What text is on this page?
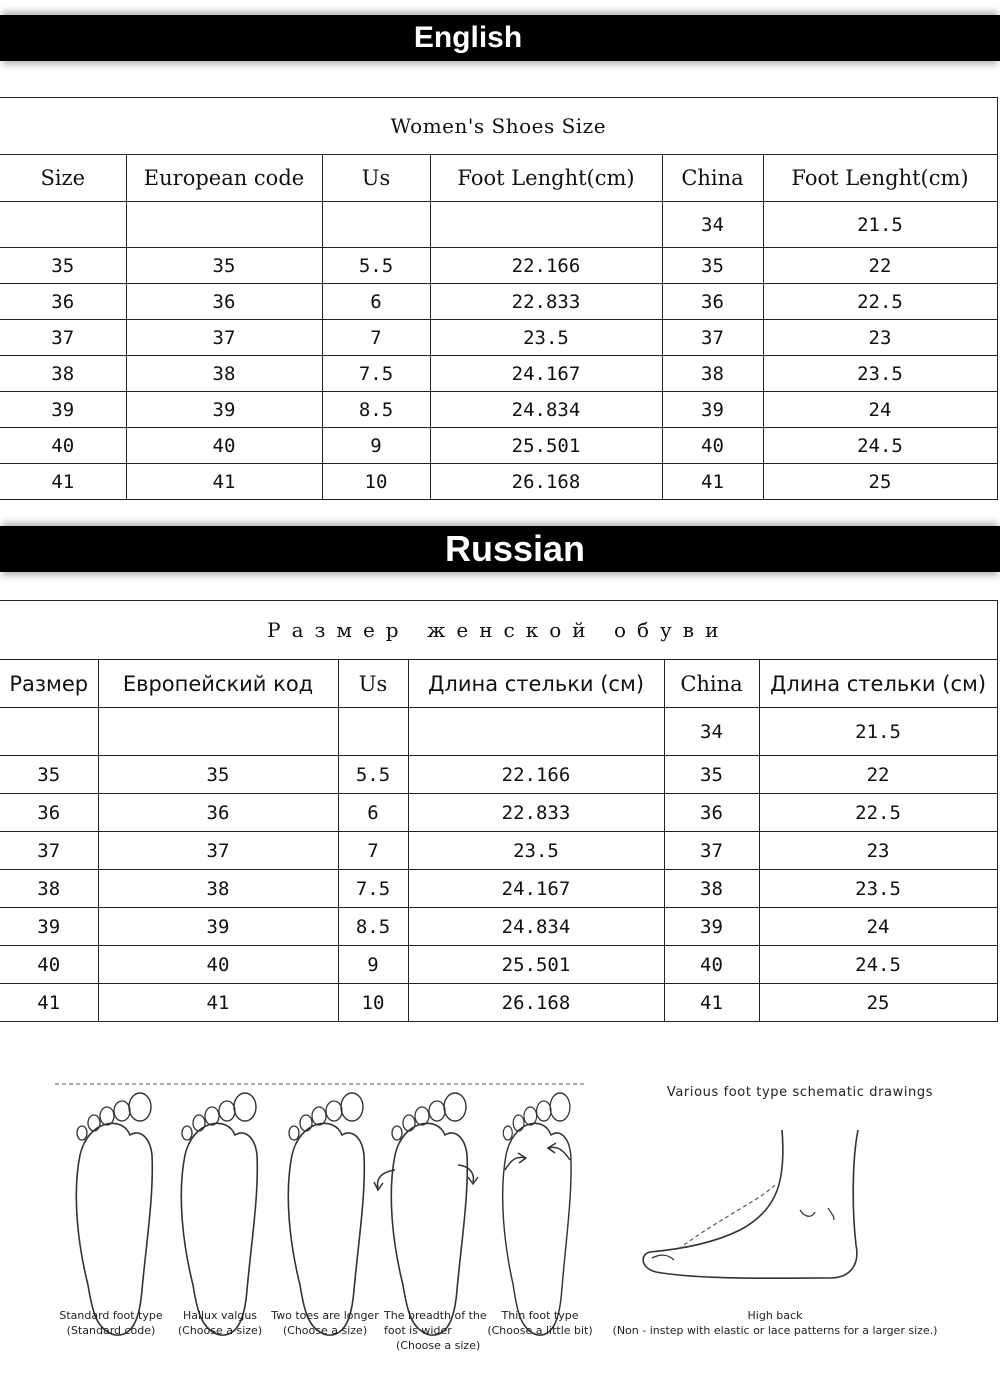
English
Women's Shoes Size					
Size	European code	Us	Foot Lenght(cm)	China	Foot Lenght(cm)
				34	21.5
35	35	5.5	22.166	35	22
36	36	6	22.833	36	22.5
37	37	7	23.5	37	23
38	38	7.5	24.167	38	23.5
39	39	8.5	24.834	39	24
40	40	9	25.501	40	24.5
41	41	10	26.168	41	25
Russian
Размер женской обуви					
Размер	Европейский код	Us	Длина стельки (см)	China	Длина стельки (см)
				34	21.5
35	35	5.5	22.166	35	22
36	36	6	22.833	36	22.5
37	37	7	23.5	37	23
38	38	7.5	24.167	38	23.5
39	39	8.5	24.834	39	24
40	40	9	25.501	40	24.5
41	41	10	26.168	41	25
Various foot type schematic drawings
Standard foot type
(Standard code)
Hallux valgus
(Choose a size)
Two toes are longer
(Choose a size)
The breadth of the
foot is wider
(Choose a size)
Thin foot type
(Choose a little bit)
High back
(Non - instep with elastic or lace patterns for a larger size.)
